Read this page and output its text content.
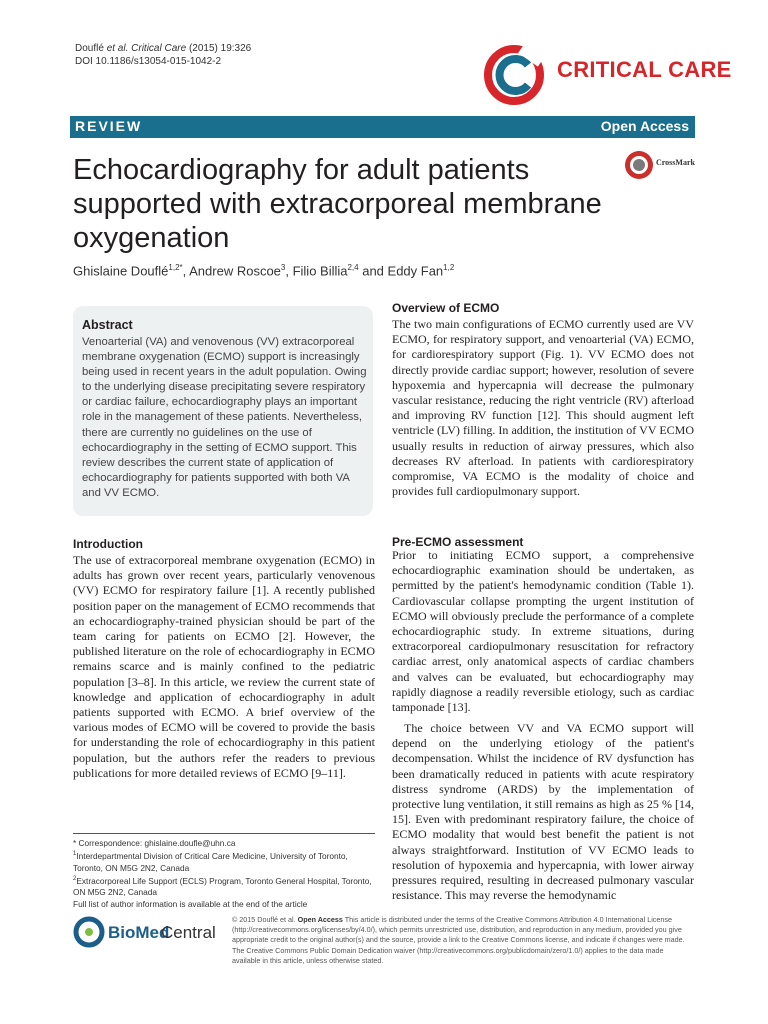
Douflé et al. Critical Care (2015) 19:326
DOI 10.1186/s13054-015-1042-2	CRITICAL CARE
REVIEW	Open Access
CrossMark
Echocardiography for adult patients supported with extracorporeal membrane oxygenation
Ghislaine Douflé$^{1,2*}$, Andrew Roscoe$^3$, Filio Billia$^{2,4}$ and Eddy Fan$^{1,2}$
Abstract
Venoarterial (VA) and venovenous (VV) extracorporeal membrane oxygenation (ECMO) support is increasingly being used in recent years in the adult population. Owing to the underlying disease precipitating severe respiratory or cardiac failure, echocardiography plays an important role in the management of these patients. Nevertheless, there are currently no guidelines on the use of echocardiography in the setting of ECMO support. This review describes the current state of application of echocardiography for patients supported with both VA and VV ECMO.
Introduction

The use of extracorporeal membrane oxygenation (ECMO) in adults has grown over recent years, particularly venovenous (VV) ECMO for respiratory failure [1]. A recently published position paper on the management of ECMO recommends that an echocardiography-trained physician should be part of the team caring for patients on ECMO [2]. However, the published literature on the role of echocardiography in ECMO remains scarce and is mainly confined to the pediatric population [3–8]. In this article, we review the current state of knowledge and application of echocardiography in adult patients supported with ECMO. A brief overview of the various modes of ECMO will be covered to provide the basis for understanding the role of echocardiography in this patient population, but the authors refer the readers to previous publications for more detailed reviews of ECMO [9–11].

* Correspondence: ghislaine.doufle@uhn.ca
$^1$Interdepartmental Division of Critical Care Medicine, University of Toronto, Toronto, ON M5G 2N2, Canada
$^2$Extracorporeal Life Support (ECLS) Program, Toronto General Hospital, Toronto, ON M5G 2N2, Canada
Full list of author information is available at the end of the article
Overview of ECMO

The two main configurations of ECMO currently used are VV ECMO, for respiratory support, and venoarterial (VA) ECMO, for cardiorespiratory support (Fig. 1). VV ECMO does not directly provide cardiac support; however, resolution of severe hypoxemia and hypercapnia will decrease the pulmonary vascular resistance, reducing the right ventricle (RV) afterload and improving RV function [12]. This should augment left ventricle (LV) filling. In addition, the institution of VV ECMO usually results in reduction of airway pressures, which also decreases RV afterload. In patients with cardiorespiratory compromise, VA ECMO is the modality of choice and provides full cardiopulmonary support.

Pre-ECMO assessment

Prior to initiating ECMO support, a comprehensive echocardiographic examination should be undertaken, as permitted by the patient's hemodynamic condition (Table 1). Cardiovascular collapse prompting the urgent institution of ECMO will obviously preclude the performance of a complete echocardiographic study. In extreme situations, during extracorporeal cardiopulmonary resuscitation for refractory cardiac arrest, only anatomical aspects of cardiac chambers and valves can be evaluated, but echocardiography may rapidly diagnose a readily reversible etiology, such as cardiac tamponade [13].

The choice between VV and VA ECMO support will depend on the underlying etiology of the patient's decompensation. Whilst the incidence of RV dysfunction has been dramatically reduced in patients with acute respiratory distress syndrome (ARDS) by the implementation of protective lung ventilation, it still remains as high as 25 % [14, 15]. Even with predominant respiratory failure, the choice of ECMO modality that would best benefit the patient is not always straightforward. Institution of VV ECMO leads to resolution of hypoxemia and hypercapnia, with lower airway pressures required, resulting in decreased pulmonary vascular resistance. This may reverse the hemodynamic

BioMed
Central
© 2015 Douflé et al. Open Access This article is distributed under the terms of the Creative Commons Attribution 4.0 International License (http://creativecommons.org/licenses/by/4.0/), which permits unrestricted use, distribution, and reproduction in any medium, provided you give appropriate credit to the original author(s) and the source, provide a link to the Creative Commons license, and indicate if changes were made. The Creative Commons Public Domain Dedication waiver (http://creativecommons.org/publicdomain/zero/1.0/) applies to the data made available in this article, unless otherwise stated.
